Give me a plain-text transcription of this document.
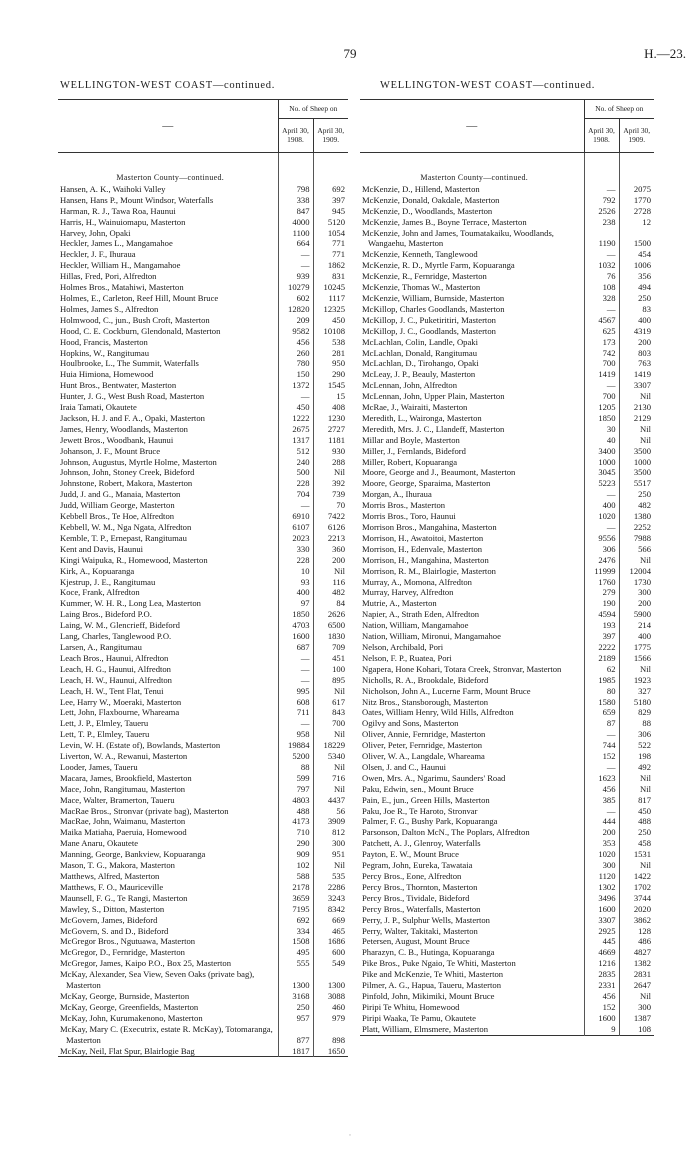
79	H.—23.
WELLINGTON-WEST COAST—continued.	WELLINGTON-WEST COAST—continued.
—	No. of Sheep on	
	April 30, 1908.	April 30, 1909.
Masterton County—continued.		
Hansen, A. K., Waihoki Valley	798	692
Hansen, Hans P., Mount Windsor, Waterfalls	338	397
Harman, R. J., Tawa Roa, Haunui	847	945
Harris, H., Wainuiomapu, Masterton	4000	5120
Harvey, John, Opaki	1100	1054
Heckler, James L., Mangamahoe	664	771
Heckler, J. F., Ihuraua	—	771
Heckler, William H., Mangamahoe	—	1862
Hillas, Fred, Pori, Alfredton	939	831
Holmes Bros., Matahiwi, Masterton	10279	10245
Holmes, E., Carleton, Reef Hill, Mount Bruce	602	1117
Holmes, James S., Alfredton	12820	12325
Holmwood, C., jun., Bush Croft, Masterton	209	450
Hood, C. E. Cockburn, Glendonald, Masterton	9582	10108
Hood, Francis, Masterton	456	538
Hopkins, W., Rangitumau	260	281
Houlbrooke, L., The Summit, Waterfalls	780	950
Huia Himiona, Homewood	150	290
Hunt Bros., Bentwater, Masterton	1372	1545
Hunter, J. G., West Bush Road, Masterton	—	15
Iraia Tamati, Okautete	450	408
Jackson, H. J. and F. A., Opaki, Masterton	1222	1230
James, Henry, Woodlands, Masterton	2675	2727
Jewett Bros., Woodbank, Haunui	1317	1181
Johanson, J. F., Mount Bruce	512	930
Johnson, Augustus, Myrtle Holme, Masterton	240	288
Johnson, John, Stoney Creek, Bideford	500	Nil
Johnstone, Robert, Makora, Masterton	228	392
Judd, J. and G., Manaia, Masterton	704	739
Judd, William George, Masterton	—	70
Kebbell Bros., Te Hoe, Alfredton	6910	7422
Kebbell, W. M., Nga Ngata, Alfredton	6107	6126
Kemble, T. P., Ernepast, Rangitumau	2023	2213
Kent and Davis, Haunui	330	360
Kingi Waipuka, R., Homewood, Masterton	228	200
Kirk, A., Kopuaranga	10	Nil
Kjestrup, J. E., Rangitumau	93	116
Koce, Frank, Alfredton	400	482
Kummer, W. H. R., Long Lea, Masterton	97	84
Laing Bros., Bideford P.O.	1850	2626
Laing, W. M., Glencrieff, Bideford	4703	6500
Lang, Charles, Tanglewood P.O.	1600	1830
Larsen, A., Rangitumau	687	709
Leach Bros., Haunui, Alfredton	—	451
Leach, H. G., Haunui, Alfredton	—	100
Leach, H. W., Haunui, Alfredton	—	895
Leach, H. W., Tent Flat, Tenui	995	Nil
Lee, Harry W., Moeraki, Masterton	608	617
Lett, John, Flaxbourne, Whareama	711	843
Lett, J. P., Elmley, Taueru	—	700
Lett, T. P., Elmley, Taueru	958	Nil
Levin, W. H. (Estate of), Bowlands, Masterton	19884	18229
Liverton, W. A., Rewanui, Masterton	5200	5340
Looder, James, Taueru	88	Nil
Macara, James, Brookfield, Masterton	599	716
Mace, John, Rangitumau, Masterton	797	Nil
Mace, Walter, Bramerton, Taueru	4803	4437
MacRae Bros., Stronvar (private bag), Masterton	488	56
MacRae, John, Waimanu, Masterton	4173	3909
Maika Matiaha, Paeruia, Homewood	710	812
Mane Anaru, Okautete	290	300
Manning, George, Bankview, Kopuaranga	909	951
Mason, T. G., Makora, Masterton	102	Nil
Matthews, Alfred, Masterton	588	535
Matthews, F. O., Mauriceville	2178	2286
Maunsell, F. G., Te Rangi, Masterton	3659	3243
Mawley, S., Ditton, Masterton	7195	8342
McGovern, James, Bideford	692	669
McGovern, S. and D., Bideford	334	465
McGregor Bros., Ngutuawa, Masterton	1508	1686
McGregor, D., Fernridge, Masterton	495	600
McGregor, James, Kaipo P.O., Box 25, Masterton	555	549
McKay, Alexander, Sea View, Seven Oaks (private bag), Masterton	1300	1300
McKay, George, Burnside, Masterton	3168	3088
McKay, George, Greenfields, Masterton	250	460
McKay, John, Kurumakenono, Masterton	957	979
McKay, Mary C. (Executrix, estate R. McKay), Totomaranga, Masterton	877	898
McKay, Neil, Flat Spur, Blairlogie Bag	1817	1650
—	No. of Sheep on	
	April 30, 1908.	April 30, 1909.
Masterton County—continued.		
McKenzie, D., Hillend, Masterton	—	2075
McKenzie, Donald, Oakdale, Masterton	792	1770
McKenzie, D., Woodlands, Masterton	2526	2728
McKenzie, James B., Boyne Terrace, Masterton	238	12
McKenzie, John and James, Toumatakaiku, Woodlands, Wangaehu, Masterton	1190	1500
McKenzie, Kenneth, Tanglewood	—	454
McKenzie, R. D., Myrtle Farm, Kopuaranga	1032	1006
McKenzie, R., Fernridge, Masterton	76	356
McKenzie, Thomas W., Masterton	108	494
McKenzie, William, Burnside, Masterton	328	250
McKillop, Charles Goodlands, Masterton	—	83
McKillop, J. C., Puketiritiri, Masterton	4567	400
McKillop, J. C., Goodlands, Masterton	625	4319
McLachlan, Colin, Landle, Opaki	173	200
McLachlan, Donald, Rangitumau	742	803
McLachlan, D., Tirohango, Opaki	700	763
McLeay, J. P., Beauly, Masterton	1419	1419
McLennan, John, Alfredton	—	3307
McLennan, John, Upper Plain, Masterton	700	Nil
McRae, J., Wairaiti, Masterton	1205	2130
Meredith, L., Waironga, Masterton	1850	2129
Meredith, Mrs. J. C., Llandeff, Masterton	30	Nil
Millar and Boyle, Masterton	40	Nil
Miller, J., Fernlands, Bideford	3400	3500
Miller, Robert, Kopuaranga	1000	1000
Moore, George and J., Beaumont, Masterton	3045	3500
Moore, George, Sparaima, Masterton	5223	5517
Morgan, A., Ihuraua	—	250
Morris Bros., Masterton	400	482
Morris Bros., Toro, Haunui	1020	1380
Morrison Bros., Mangahina, Masterton	—	2252
Morrison, H., Awatoitoi, Masterton	9556	7988
Morrison, H., Edenvale, Masterton	306	566
Morrison, H., Mangahina, Masterton	2476	Nil
Morrison, R. M., Blairlogie, Masterton	11999	12004
Murray, A., Momona, Alfredton	1760	1730
Murray, Harvey, Alfredton	279	300
Mutrie, A., Masterton	190	200
Napier, A., Strath Eden, Alfredton	4594	5900
Nation, William, Mangamahoe	193	214
Nation, William, Mironui, Mangamahoe	397	400
Nelson, Archibald, Pori	2222	1775
Nelson, F. P., Ruatea, Pori	2189	1566
Ngapera, Hone Kohari, Totara Creek, Stronvar, Masterton	62	Nil
Nicholls, R. A., Brookdale, Bideford	1985	1923
Nicholson, John A., Lucerne Farm, Mount Bruce	80	327
Nitz Bros., Stansborough, Masterton	1580	5180
Oates, William Henry, Wild Hills, Alfredton	659	829
Ogilvy and Sons, Masterton	87	88
Oliver, Annie, Fernridge, Masterton	—	306
Oliver, Peter, Fernridge, Masterton	744	522
Oliver, W. A., Langdale, Whareama	152	198
Olsen, J. and C., Haunui	—	492
Owen, Mrs. A., Ngarimu, Saunders' Road	1623	Nil
Paku, Edwin, sen., Mount Bruce	456	Nil
Pain, E., jun., Green Hills, Masterton	385	817
Paku, Joe R., Te Haroto, Stronvar	—	450
Palmer, F. G., Bushy Park, Kopuaranga	444	488
Parsonson, Dalton McN., The Poplars, Alfredton	200	250
Patchett, A. J., Glenroy, Waterfalls	353	458
Payton, E. W., Mount Bruce	1020	1531
Pegram, John, Eureka, Tawataia	300	Nil
Percy Bros., Eone, Alfredton	1120	1422
Percy Bros., Thornton, Masterton	1302	1702
Percy Bros., Tividale, Bideford	3496	3744
Percy Bros., Waterfalls, Masterton	1600	2020
Perry, J. P., Sulphur Wells, Masterton	3307	3862
Perry, Walter, Takitaki, Masterton	2925	128
Petersen, August, Mount Bruce	445	486
Pharazyn, C. B., Hutinga, Kopuaranga	4669	4827
Pike Bros., Puke Ngaio, Te Whiti, Masterton	1216	1382
Pike and McKenzie, Te Whiti, Masterton	2835	2831
Pilmer, A. G., Hapua, Taueru, Masterton	2331	2647
Pinfold, John, Mikimiki, Mount Bruce	456	Nil
Piripi Te Whitu, Homewood	152	300
Piripi Waaka, Te Pamu, Okautete	1600	1387
Platt, William, Elmsmere, Masterton	9	108
·
